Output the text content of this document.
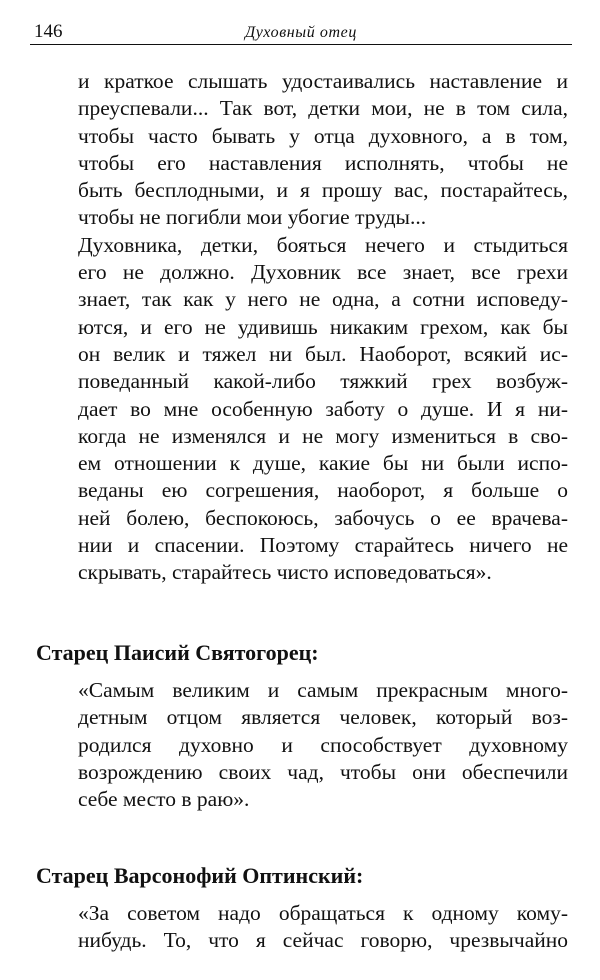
146	Духовный отец
и краткое слышать удостаивались наставление и
преуспевали... Так вот, детки мои, не в том сила,
чтобы часто бывать у отца духовного, а в том,
чтобы его наставления исполнять, чтобы не
быть бесплодными, и я прошу вас, постарайтесь,
чтобы не погибли мои убогие труды...
Духовника, детки, бояться нечего и стыдиться
его не должно. Духовник все знает, все грехи
знает, так как у него не одна, а сотни исповеду-
ются, и его не удивишь никаким грехом, как бы
он велик и тяжел ни был. Наоборот, всякий ис-
поведанный какой-либо тяжкий грех возбуж-
дает во мне особенную заботу о душе. И я ни-
когда не изменялся и не могу измениться в сво-
ем отношении к душе, какие бы ни были испо-
веданы ею согрешения, наоборот, я больше о
ней болею, беспокоюсь, забочусь о ее врачева-
нии и спасении. Поэтому старайтесь ничего не
скрывать, старайтесь чисто исповедоваться».
Старец Паисий Святогорец:
«Самым великим и самым прекрасным много-
детным отцом является человек, который воз-
родился духовно и способствует духовному
возрождению своих чад, чтобы они обеспечили
себе место в раю».
Старец Варсонофий Оптинский:
«За советом надо обращаться к одному кому-
нибудь. То, что я сейчас говорю, чрезвычайно
